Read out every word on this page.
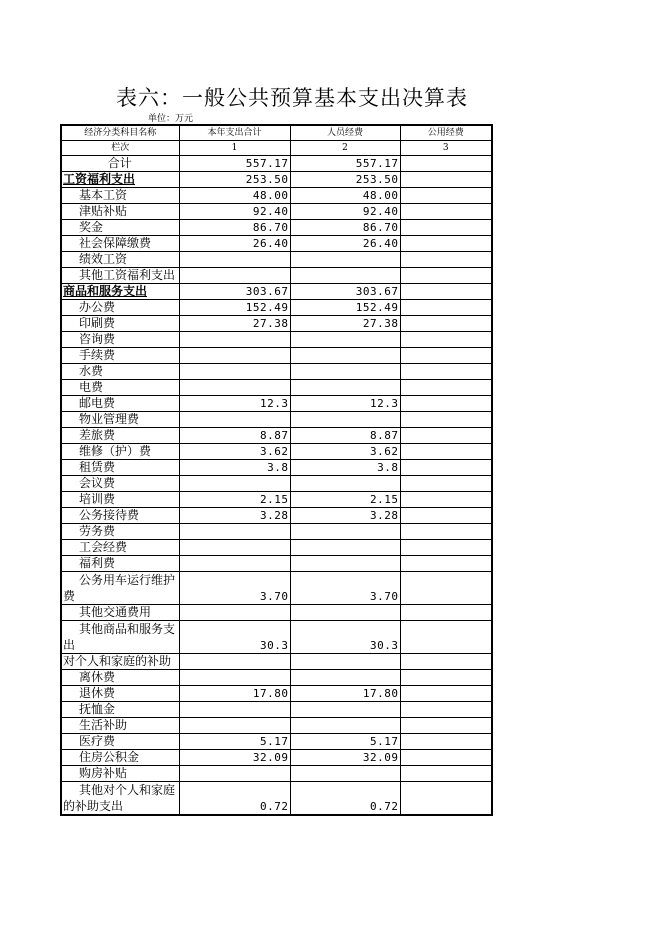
表六：一般公共预算基本支出决算表
单位：万元
经济分类科目名称	本年支出合计	人员经费	公用经费
栏次	1	2	3
合计	557.17	557.17	
工资福利支出	253.50	253.50	
基本工资	48.00	48.00	
津贴补贴	92.40	92.40	
奖金	86.70	86.70	
社会保障缴费	26.40	26.40	
绩效工资			
其他工资福利支出			
商品和服务支出	303.67	303.67	
办公费	152.49	152.49	
印刷费	27.38	27.38	
咨询费			
手续费			
水费			
电费			
邮电费	12.3	12.3	
物业管理费			
差旅费	8.87	8.87	
维修（护）费	3.62	3.62	
租赁费	3.8	3.8	
会议费			
培训费	2.15	2.15	
公务接待费	3.28	3.28	
劳务费			
工会经费			
福利费			
公务用车运行维护费	3.70	3.70	
其他交通费用			
其他商品和服务支出	30.3	30.3	
对个人和家庭的补助			
离休费			
退休费	17.80	17.80	
抚恤金			
生活补助			
医疗费	5.17	5.17	
住房公积金	32.09	32.09	
购房补贴			
其他对个人和家庭的补助支出	0.72	0.72	
